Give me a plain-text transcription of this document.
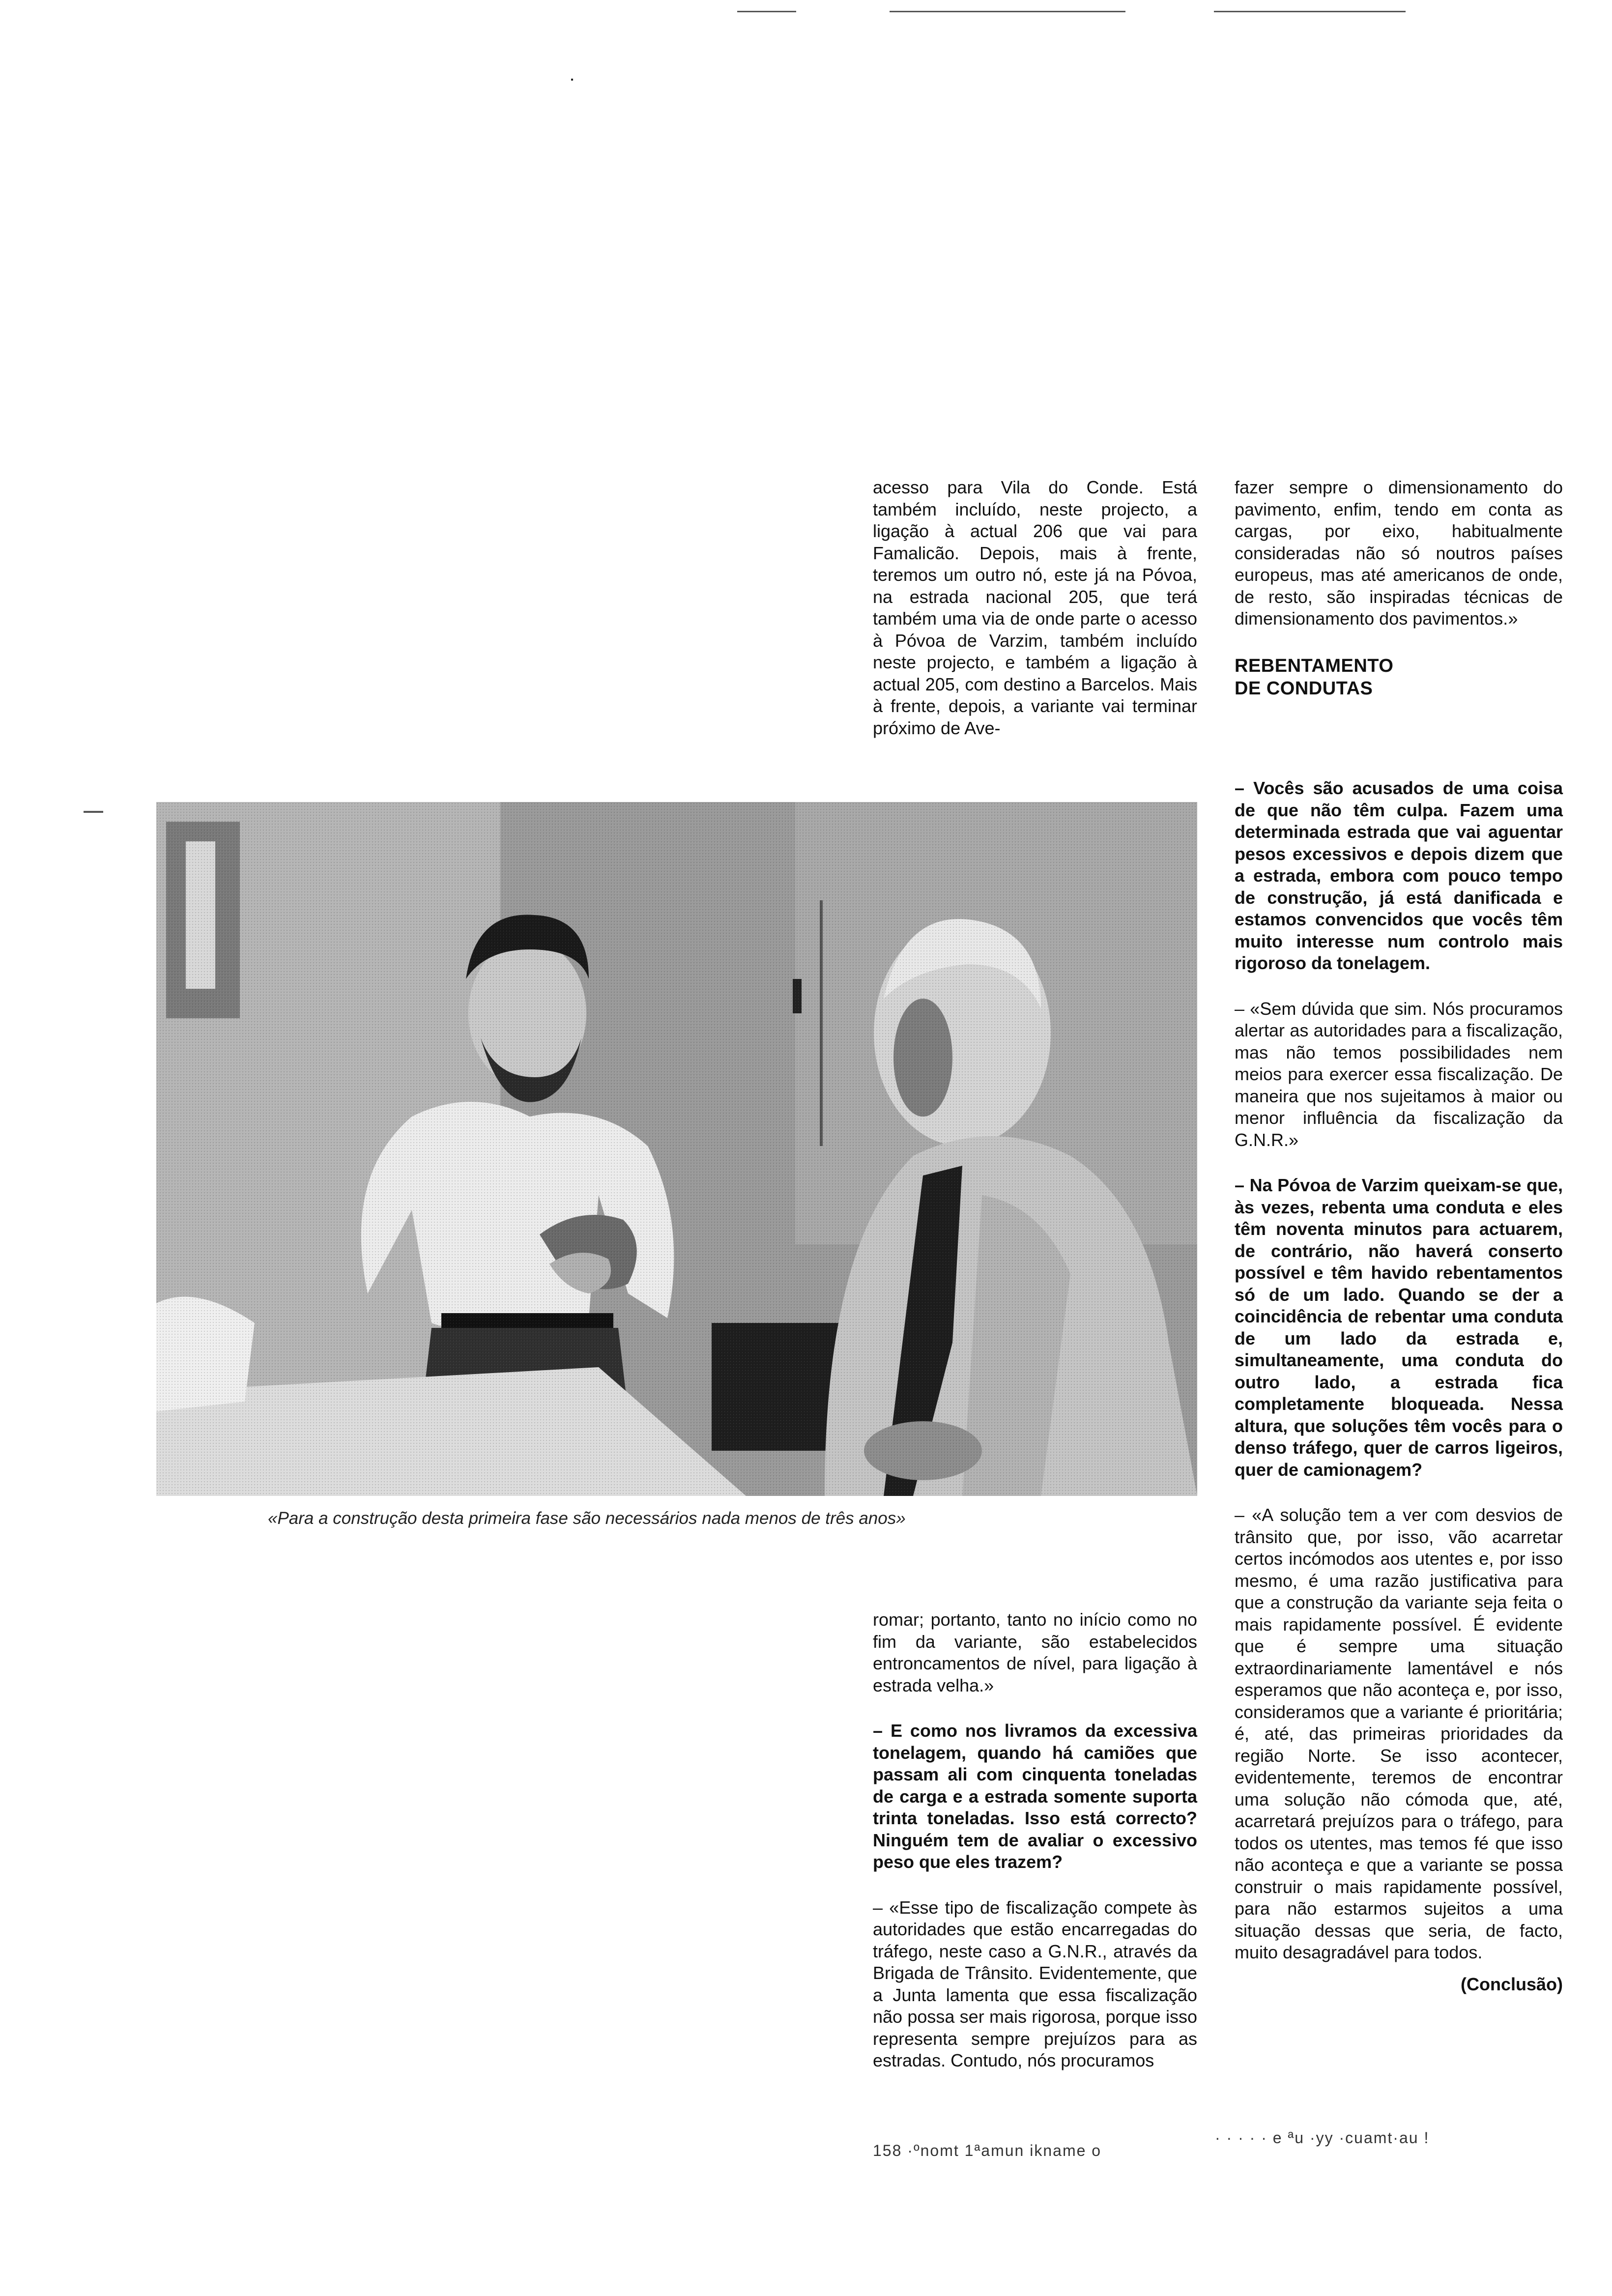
acesso para Vila do Conde. Está também incluído, neste projecto, a ligação à actual 206 que vai para Famalicão. Depois, mais à frente, teremos um outro nó, este já na Póvoa, na estrada nacional 205, que terá também uma via de onde parte o acesso à Póvoa de Varzim, também incluído neste projecto, e também a ligação à actual 205, com destino a Barcelos. Mais à frente, depois, a variante vai terminar próximo de Ave-

fazer sempre o dimensionamento do pavimento, enfim, tendo em conta as cargas, por eixo, habitualmente consideradas não só noutros países europeus, mas até americanos de onde, de resto, são inspiradas técnicas de dimensionamento dos pavimentos.»

REBENTAMENTO
DE CONDUTAS

– Vocês são acusados de uma coisa de que não têm culpa. Fazem uma determinada estrada que vai aguentar pesos excessivos e depois dizem que a estrada, embora com pouco tempo de construção, já está danificada e estamos convencidos que vocês têm muito interesse num controlo mais rigoroso da tonelagem.

– «Sem dúvida que sim. Nós procuramos alertar as autoridades para a fiscalização, mas não temos possibilidades nem meios para exercer essa fiscalização. De maneira que nos sujeitamos à maior ou menor influência da fiscalização da G.N.R.»

– Na Póvoa de Varzim queixam-se que, às vezes, rebenta uma conduta e eles têm noventa minutos para actuarem, de contrário, não haverá conserto possível e têm havido rebentamentos só de um lado. Quando se der a coincidência de rebentar uma conduta de um lado da estrada e, simultaneamente, uma conduta do outro lado, a estrada fica completamente bloqueada. Nessa altura, que soluções têm vocês para o denso tráfego, quer de carros ligeiros, quer de camionagem?

– «A solução tem a ver com desvios de trânsito que, por isso, vão acarretar certos incómodos aos utentes e, por isso mesmo, é uma razão justificativa para que a construção da variante seja feita o mais rapidamente possível. É evidente que é sempre uma situação extraordinariamente lamentável e nós esperamos que não aconteça e, por isso, consideramos que a variante é prioritária; é, até, das primeiras prioridades da região Norte. Se isso acontecer, evidentemente, teremos de encontrar uma solução não cómoda que, até, acarretará prejuízos para o tráfego, para todos os utentes, mas temos fé que isso não aconteça e que a variante se possa construir o mais rapidamente possível, para não estarmos sujeitos a uma situação dessas que seria, de facto, muito desagradável para todos.

(Conclusão)

«Para a construção desta primeira fase são necessários nada menos de três anos»

romar; portanto, tanto no início como no fim da variante, são estabelecidos entroncamentos de nível, para ligação à estrada velha.»

– E como nos livramos da excessiva tonelagem, quando há camiões que passam ali com cinquenta toneladas de carga e a estrada somente suporta trinta toneladas. Isso está correcto? Ninguém tem de avaliar o excessivo peso que eles trazem?

– «Esse tipo de fiscalização compete às autoridades que estão encarregadas do tráfego, neste caso a G.N.R., através da Brigada de Trânsito. Evidentemente, que a Junta lamenta que essa fiscalização não possa ser mais rigorosa, porque isso representa sempre prejuízos para as estradas. Contudo, nós procuramos

158 ·ºnomt 1ªamun ikname o
· · · · · e ªu ·yy ·cuamt·au !
